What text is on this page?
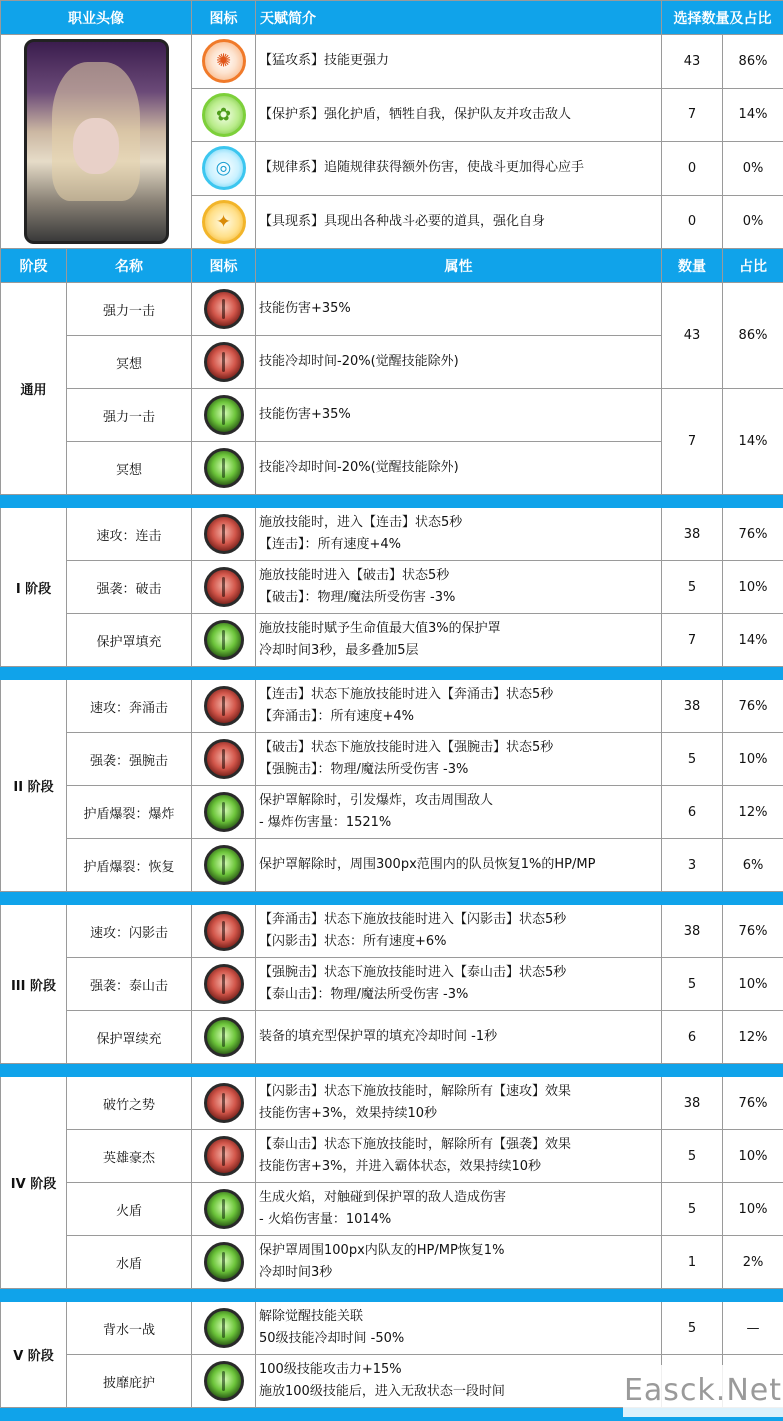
职业头像		图标	天赋简介	选择数量及占比	

		✺	【猛攻系】技能更强力	43	86%

		✿	【保护系】强化护盾，牺牲自我，保护队友并攻击敌人	7	14%

		◎	【规律系】追随规律获得额外伤害，使战斗更加得心应手	0	0%

		✦	【具现系】具现出各种战斗必要的道具，强化自身	0	0%
阶段	名称	图标	属性	数量	占比
通用	强力一击		技能伤害+35%	43	86%
	冥想		技能冷却时间-20%(觉醒技能除外)		
	强力一击		技能伤害+35%	7	14%
	冥想		技能冷却时间-20%(觉醒技能除外)		

I 阶段	速攻：连击		施放技能时，进入【连击】状态5秒
【连击】：所有速度+4%	38	76%
	强袭：破击		施放技能时进入【破击】状态5秒
【破击】：物理/魔法所受伤害 -3%	5	10%
	保护罩填充		施放技能时赋予生命值最大值3%的保护罩
冷却时间3秒，最多叠加5层	7	14%

II 阶段	速攻：奔涌击		【连击】状态下施放技能时进入【奔涌击】状态5秒
【奔涌击】：所有速度+4%	38	76%
	强袭：强腕击		【破击】状态下施放技能时进入【强腕击】状态5秒
【强腕击】：物理/魔法所受伤害 -3%	5	10%
	护盾爆裂：爆炸		保护罩解除时，引发爆炸，攻击周围敌人
- 爆炸伤害量：1521%	6	12%
	护盾爆裂：恢复		保护罩解除时，周围300px范围内的队员恢复1%的HP/MP	3	6%

III 阶段	速攻：闪影击		【奔涌击】状态下施放技能时进入【闪影击】状态5秒
【闪影击】状态：所有速度+6%	38	76%
	强袭：泰山击		【强腕击】状态下施放技能时进入【泰山击】状态5秒
【泰山击】：物理/魔法所受伤害 -3%	5	10%
	保护罩续充		装备的填充型保护罩的填充冷却时间 -1秒	6	12%

IV 阶段	破竹之势		【闪影击】状态下施放技能时，解除所有【速攻】效果
技能伤害+3%，效果持续10秒	38	76%
	英雄豪杰		【泰山击】状态下施放技能时，解除所有【强袭】效果
技能伤害+3%，并进入霸体状态，效果持续10秒	5	10%
	火盾		生成火焰，对触碰到保护罩的敌人造成伤害
- 火焰伤害量：1014%	5	10%
	水盾		保护罩周围100px内队友的HP/MP恢复1%
冷却时间3秒	1	2%

V 阶段	背水一战		解除觉醒技能关联
50级技能冷却时间 -50%	5	—
	披靡庇护		100级技能攻击力+15%
施放100级技能后，进入无敌状态一段时间		
			Easck.Net
